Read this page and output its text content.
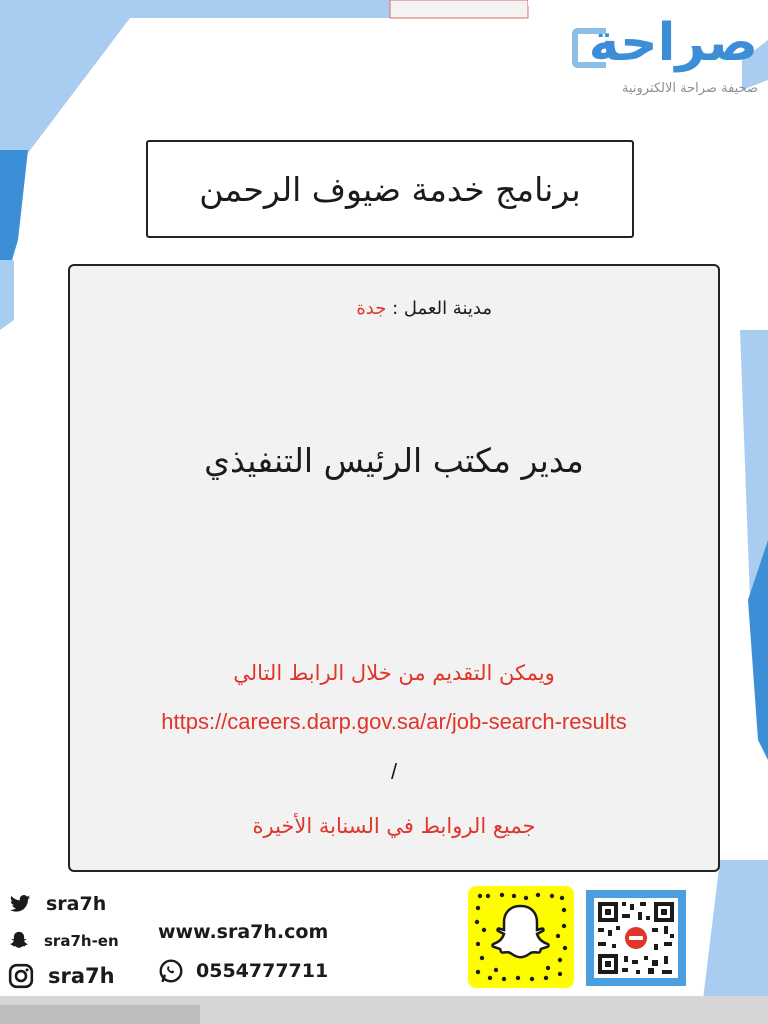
صراحة
صحيفة صراحة الالكترونية
برنامج خدمة ضيوف الرحمن
مدينة العمل : جدة
مدير مكتب الرئيس التنفيذي
ويمكن التقديم من خلال الرابط التالي
https://careers.darp.gov.sa/ar/job-search-results
/
جميع الروابط في السنابة الأخيرة
sra7h
sra7h-en
sra7h
www.sra7h.com
0554777711
